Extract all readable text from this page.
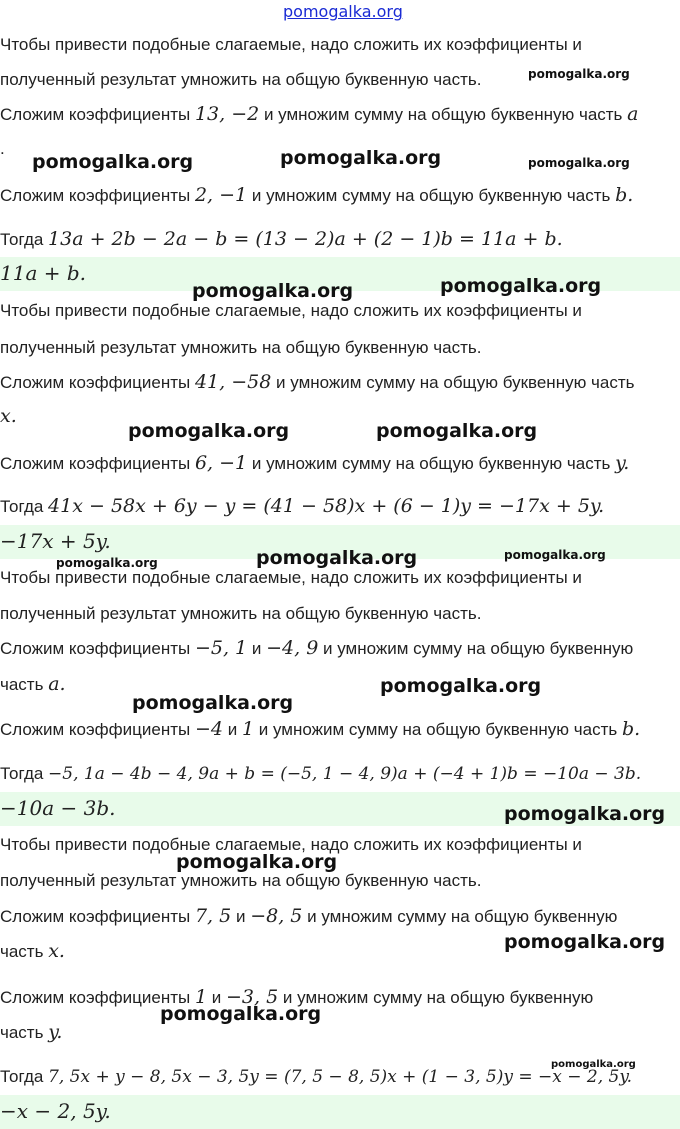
pomogalka.org
Чтобы привести подобные слагаемые, надо сложить их коэффициенты и
полученный результат умножить на общую буквенную часть.
Сложим коэффициенты 13, −2 и умножим сумму на общую буквенную часть a
.
Сложим коэффициенты 2, −1 и умножим сумму на общую буквенную часть b.
Тогда 13a + 2b − 2a − b = (13 − 2)a + (2 − 1)b = 11a + b.
11a + b.
Чтобы привести подобные слагаемые, надо сложить их коэффициенты и
полученный результат умножить на общую буквенную часть.
Сложим коэффициенты 41, −58 и умножим сумму на общую буквенную часть
x.
Сложим коэффициенты 6, −1 и умножим сумму на общую буквенную часть y.
Тогда 41x − 58x + 6y − y = (41 − 58)x + (6 − 1)y = −17x + 5y.
−17x + 5y.
Чтобы привести подобные слагаемые, надо сложить их коэффициенты и
полученный результат умножить на общую буквенную часть.
Сложим коэффициенты −5, 1 и −4, 9 и умножим сумму на общую буквенную
часть a.
Сложим коэффициенты −4 и 1 и умножим сумму на общую буквенную часть b.
Тогда −5, 1a − 4b − 4, 9a + b = (−5, 1 − 4, 9)a + (−4 + 1)b = −10a − 3b.
−10a − 3b.
Чтобы привести подобные слагаемые, надо сложить их коэффициенты и
полученный результат умножить на общую буквенную часть.
Сложим коэффициенты 7, 5 и −8, 5 и умножим сумму на общую буквенную
часть x.
Сложим коэффициенты 1 и −3, 5 и умножим сумму на общую буквенную
часть y.
Тогда 7, 5x + y − 8, 5x − 3, 5y = (7, 5 − 8, 5)x + (1 − 3, 5)y = −x − 2, 5y.
−x − 2, 5y.
pomogalka.org
pomogalka.org	pomogalka.org	pomogalka.org
pomogalka.org	pomogalka.org
pomogalka.org	pomogalka.org
pomogalka.org	pomogalka.org	pomogalka.org
pomogalka.org
pomogalka.org
pomogalka.org
pomogalka.org
pomogalka.org
pomogalka.org
pomogalka.org
